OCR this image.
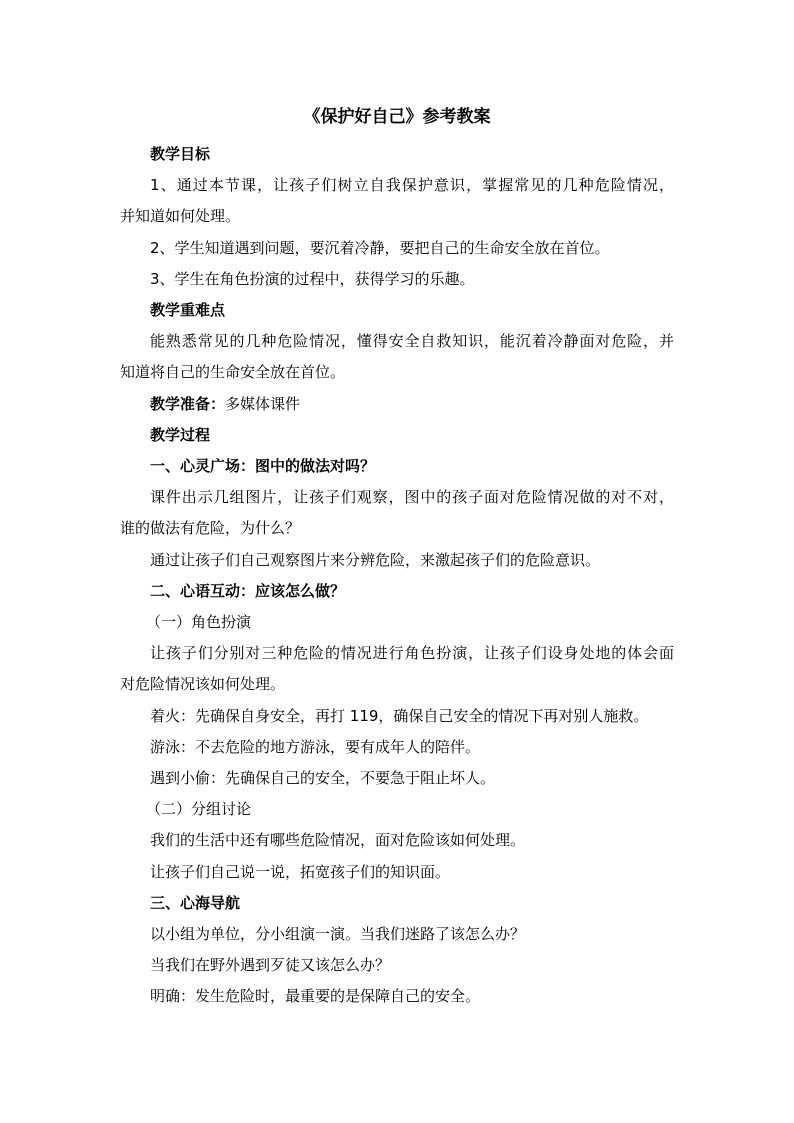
《保护好自己》参考教案
教学目标
1、通过本节课，让孩子们树立自我保护意识，掌握常见的几种危险情况，
并知道如何处理。
2、学生知道遇到问题，要沉着冷静，要把自己的生命安全放在首位。
3、学生在角色扮演的过程中，获得学习的乐趣。
教学重难点
能熟悉常见的几种危险情况，懂得安全自救知识，能沉着冷静面对危险，并
知道将自己的生命安全放在首位。
教学准备：多媒体课件
教学过程
一、心灵广场：图中的做法对吗？
课件出示几组图片，让孩子们观察，图中的孩子面对危险情况做的对不对，
谁的做法有危险，为什么？
通过让孩子们自己观察图片来分辨危险，来激起孩子们的危险意识。
二、心语互动：应该怎么做？
（一）角色扮演
让孩子们分别对三种危险的情况进行角色扮演，让孩子们设身处地的体会面
对危险情况该如何处理。
着火：先确保自身安全，再打 119，确保自己安全的情况下再对别人施救。
游泳：不去危险的地方游泳，要有成年人的陪伴。
遇到小偷：先确保自己的安全，不要急于阻止坏人。
（二）分组讨论
我们的生活中还有哪些危险情况，面对危险该如何处理。
让孩子们自己说一说，拓宽孩子们的知识面。
三、心海导航
以小组为单位，分小组演一演。当我们迷路了该怎么办？
当我们在野外遇到歹徒又该怎么办？
明确：发生危险时，最重要的是保障自己的安全。
